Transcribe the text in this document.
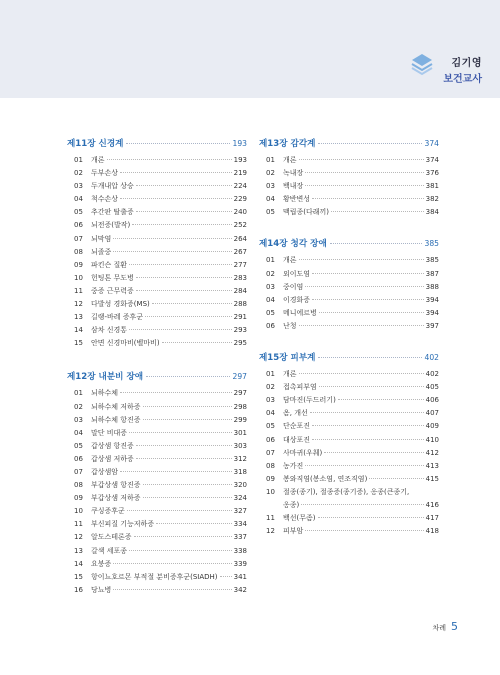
김기영
보건교사
제11장 신경계	193
01	개론	193
02	두부손상	219
03	두개내압 상승	224
04	척수손상	229
05	추간판 탈출증	240
06	뇌전증(발작)	252
07	뇌막염	264
08	뇌졸중	267
09	파킨슨 질환	277
10	헌팅톤 무도병	283
11	중증 근무력증	284
12	다발성 경화증(MS)	288
13	길랭-바레 증후군	291
14	삼차 신경통	293
15	안면 신경마비(벨마비)	295
제12장 내분비 장애	297
01	뇌하수체	297
02	뇌하수체 저하증	298
03	뇌하수체 항진증	299
04	말단 비대증	301
05	갑상샘 항진증	303
06	갑상샘 저하증	312
07	갑상샘암	318
08	부갑상샘 항진증	320
09	부갑상샘 저하증	324
10	쿠싱증후군	327
11	부신피질 기능저하증	334
12	알도스테론증	337
13	갈색 세포종	338
14	요붕증	339
15	항이뇨호르몬 부적절 분비증후군(SIADH) 341
16	당뇨병	342
제13장 감각계	374
01	개론	374
02	녹내장	376
03	백내장	381
04	황반변성	382
05	맥립종(다래끼)	384
제14장 청각 장애	385
01	개론	385
02	외이도염	387
03	중이염	388
04	이경화증	394
05	메니에르병	394
06	난청	397
제15장 피부계	402
01	개론	402
02	접촉피부염	405
03	담마진(두드러기)	406
04	옴, 개선	407
05	단순포진	409
06	대상포진	410
07	사마귀(우췌)	412
08	농가진	413
09	봉와직염(봉소염, 연조직염)	415
10	절종(종기), 절종증(종기증), 옹종(큰종기,
옹종)	416
11	백선(무좀)	417
12	피부암	418
차례 5
